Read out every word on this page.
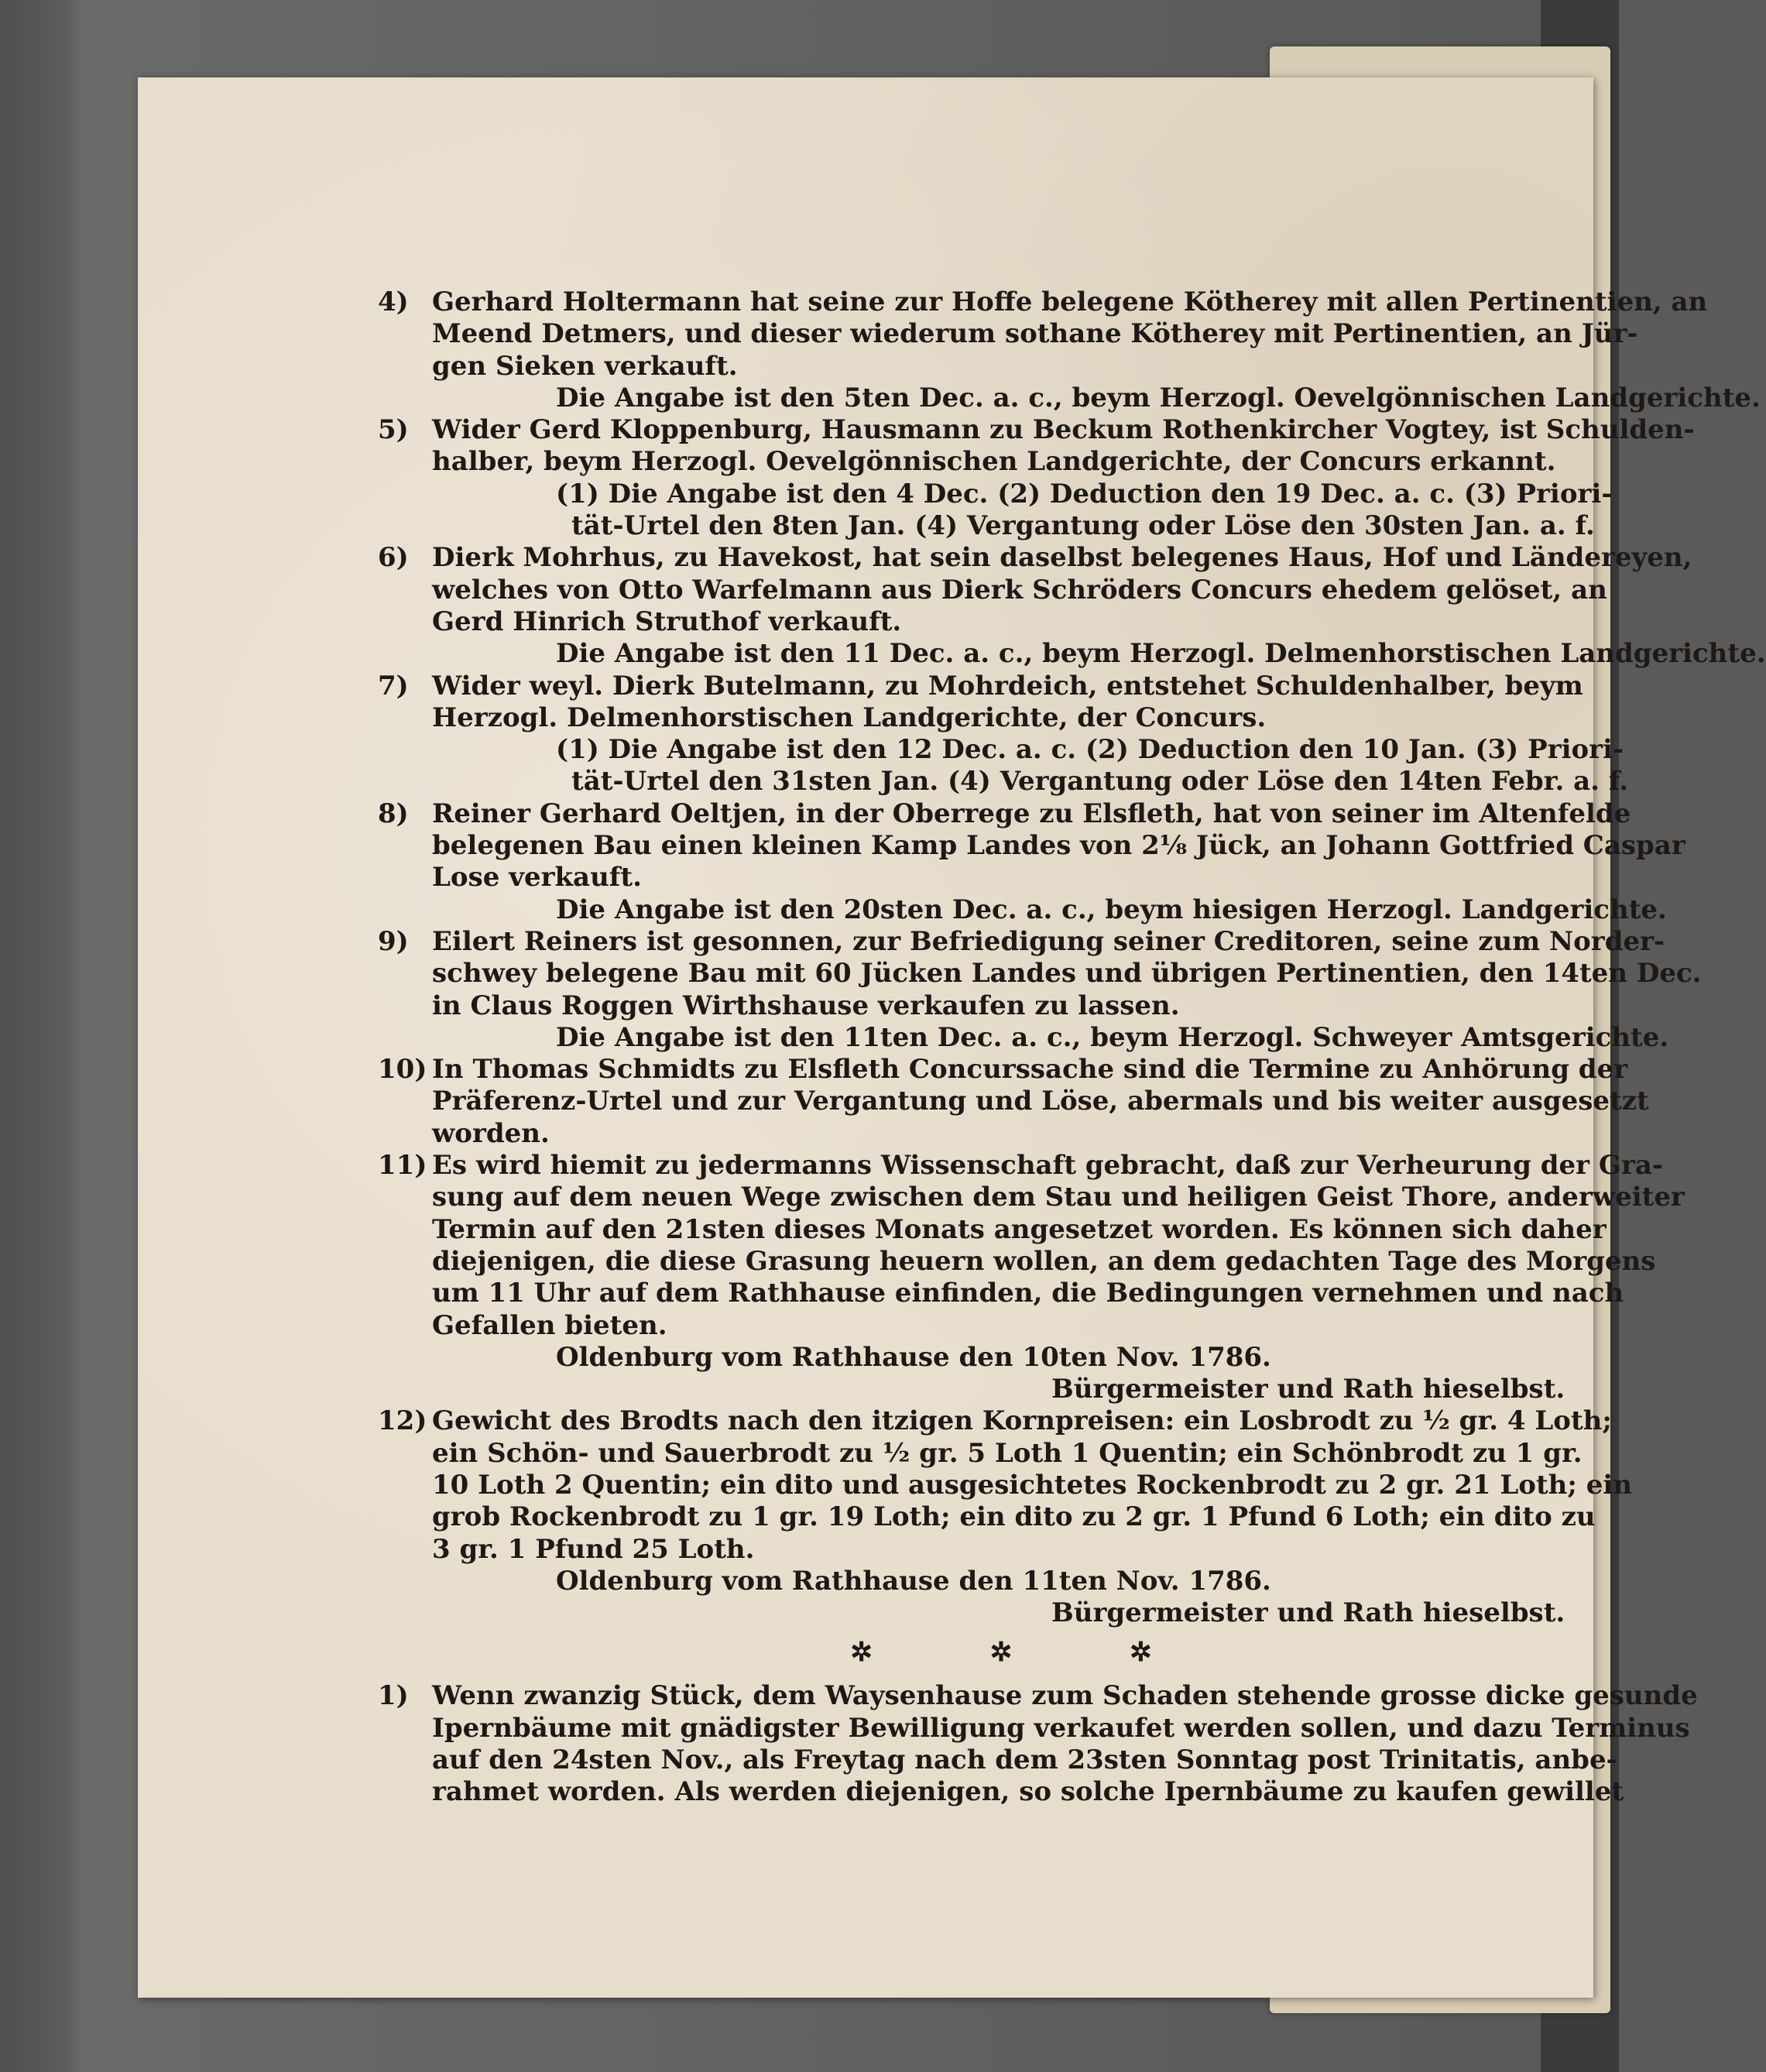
4) Gerhard Holtermann hat seine zur Hoffe belegene Kötherey mit allen Pertinentien, an
Meend Detmers, und dieser wiederum sothane Kötherey mit Pertinentien, an Jür-
gen Sieken verkauft.
Die Angabe ist den 5ten Dec. a. c., beym Herzogl. Oevelgönnischen Landgerichte.
5) Wider Gerd Kloppenburg, Hausmann zu Beckum Rothenkircher Vogtey, ist Schulden-
halber, beym Herzogl. Oevelgönnischen Landgerichte, der Concurs erkannt.
(1) Die Angabe ist den 4 Dec. (2) Deduction den 19 Dec. a. c. (3) Priori-
tät-Urtel den 8ten Jan. (4) Vergantung oder Löse den 30sten Jan. a. f.
6) Dierk Mohrhus, zu Havekost, hat sein daselbst belegenes Haus, Hof und Ländereyen,
welches von Otto Warfelmann aus Dierk Schröders Concurs ehedem gelöset, an
Gerd Hinrich Struthof verkauft.
Die Angabe ist den 11 Dec. a. c., beym Herzogl. Delmenhorstischen Landgerichte.
7) Wider weyl. Dierk Butelmann, zu Mohrdeich, entstehet Schuldenhalber, beym
Herzogl. Delmenhorstischen Landgerichte, der Concurs.
(1) Die Angabe ist den 12 Dec. a. c. (2) Deduction den 10 Jan. (3) Priori-
tät-Urtel den 31sten Jan. (4) Vergantung oder Löse den 14ten Febr. a. f.
8) Reiner Gerhard Oeltjen, in der Oberrege zu Elsfleth, hat von seiner im Altenfelde
belegenen Bau einen kleinen Kamp Landes von 2⅛ Jück, an Johann Gottfried Caspar
Lose verkauft.
Die Angabe ist den 20sten Dec. a. c., beym hiesigen Herzogl. Landgerichte.
9) Eilert Reiners ist gesonnen, zur Befriedigung seiner Creditoren, seine zum Norder-
schwey belegene Bau mit 60 Jücken Landes und übrigen Pertinentien, den 14ten Dec.
in Claus Roggen Wirthshause verkaufen zu lassen.
Die Angabe ist den 11ten Dec. a. c., beym Herzogl. Schweyer Amtsgerichte.
10) In Thomas Schmidts zu Elsfleth Concurssache sind die Termine zu Anhörung der
Präferenz-Urtel und zur Vergantung und Löse, abermals und bis weiter ausgesetzt
worden.
11) Es wird hiemit zu jedermanns Wissenschaft gebracht, daß zur Verheurung der Gra-
sung auf dem neuen Wege zwischen dem Stau und heiligen Geist Thore, anderweiter
Termin auf den 21sten dieses Monats angesetzet worden. Es können sich daher
diejenigen, die diese Grasung heuern wollen, an dem gedachten Tage des Morgens
um 11 Uhr auf dem Rathhause einfinden, die Bedingungen vernehmen und nach
Gefallen bieten.
Oldenburg vom Rathhause den 10ten Nov. 1786.
Bürgermeister und Rath hieselbst.
12) Gewicht des Brodts nach den itzigen Kornpreisen: ein Losbrodt zu ½ gr. 4 Loth;
ein Schön- und Sauerbrodt zu ½ gr. 5 Loth 1 Quentin; ein Schönbrodt zu 1 gr.
10 Loth 2 Quentin; ein dito und ausgesichtetes Rockenbrodt zu 2 gr. 21 Loth; ein
grob Rockenbrodt zu 1 gr. 19 Loth; ein dito zu 2 gr. 1 Pfund 6 Loth; ein dito zu
3 gr. 1 Pfund 25 Loth.
Oldenburg vom Rathhause den 11ten Nov. 1786.
Bürgermeister und Rath hieselbst.
✲ ✲ ✲
1) Wenn zwanzig Stück, dem Waysenhause zum Schaden stehende grosse dicke gesunde
Ipernbäume mit gnädigster Bewilligung verkaufet werden sollen, und dazu Terminus
auf den 24sten Nov., als Freytag nach dem 23sten Sonntag post Trinitatis, anbe-
rahmet worden. Als werden diejenigen, so solche Ipernbäume zu kaufen gewillet
